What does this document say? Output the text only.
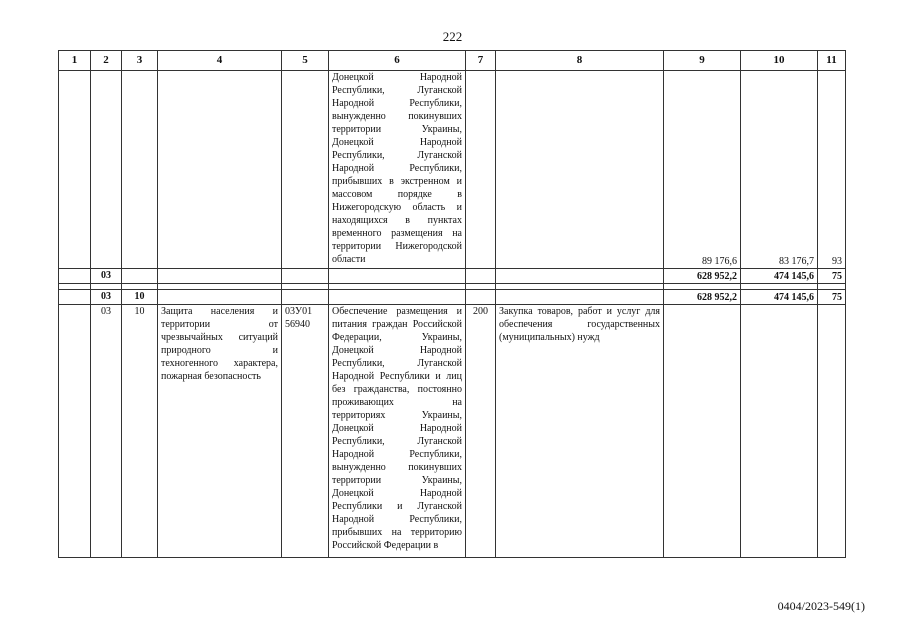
222
1	2	3	4	5	6	7	8	9	10	11
					Донецкой Народной Республики, Луганской Народной Республики, вынужденно покинувших территории Украины, Донецкой Народной Республики, Луганской Народной Республики, прибывших в экстренном и массовом порядке в Нижегородскую область и находящихся в пунктах временного размещения на территории Нижегородской области			89 176,6	83 176,7	93
	03							628 952,2	474 145,6	75

	03	10						628 952,2	474 145,6	75
	03	10	Защита населения и территории от чрезвычайных ситуаций природного и техногенного характера, пожарная безопасность	03У01 56940	Обеспечение размещения и питания граждан Российской Федерации, Украины, Донецкой Народной Республики, Луганской Народной Республики и лиц без гражданства, постоянно проживающих на территориях Украины, Донецкой Народной Республики, Луганской Народной Республики, вынужденно покинувших территории Украины, Донецкой Народной Республики и Луганской Народной Республики, прибывших на территорию Российской Федерации в	200	Закупка товаров, работ и услуг для обеспечения государственных (муниципальных) нужд			
0404/2023-549(1)
